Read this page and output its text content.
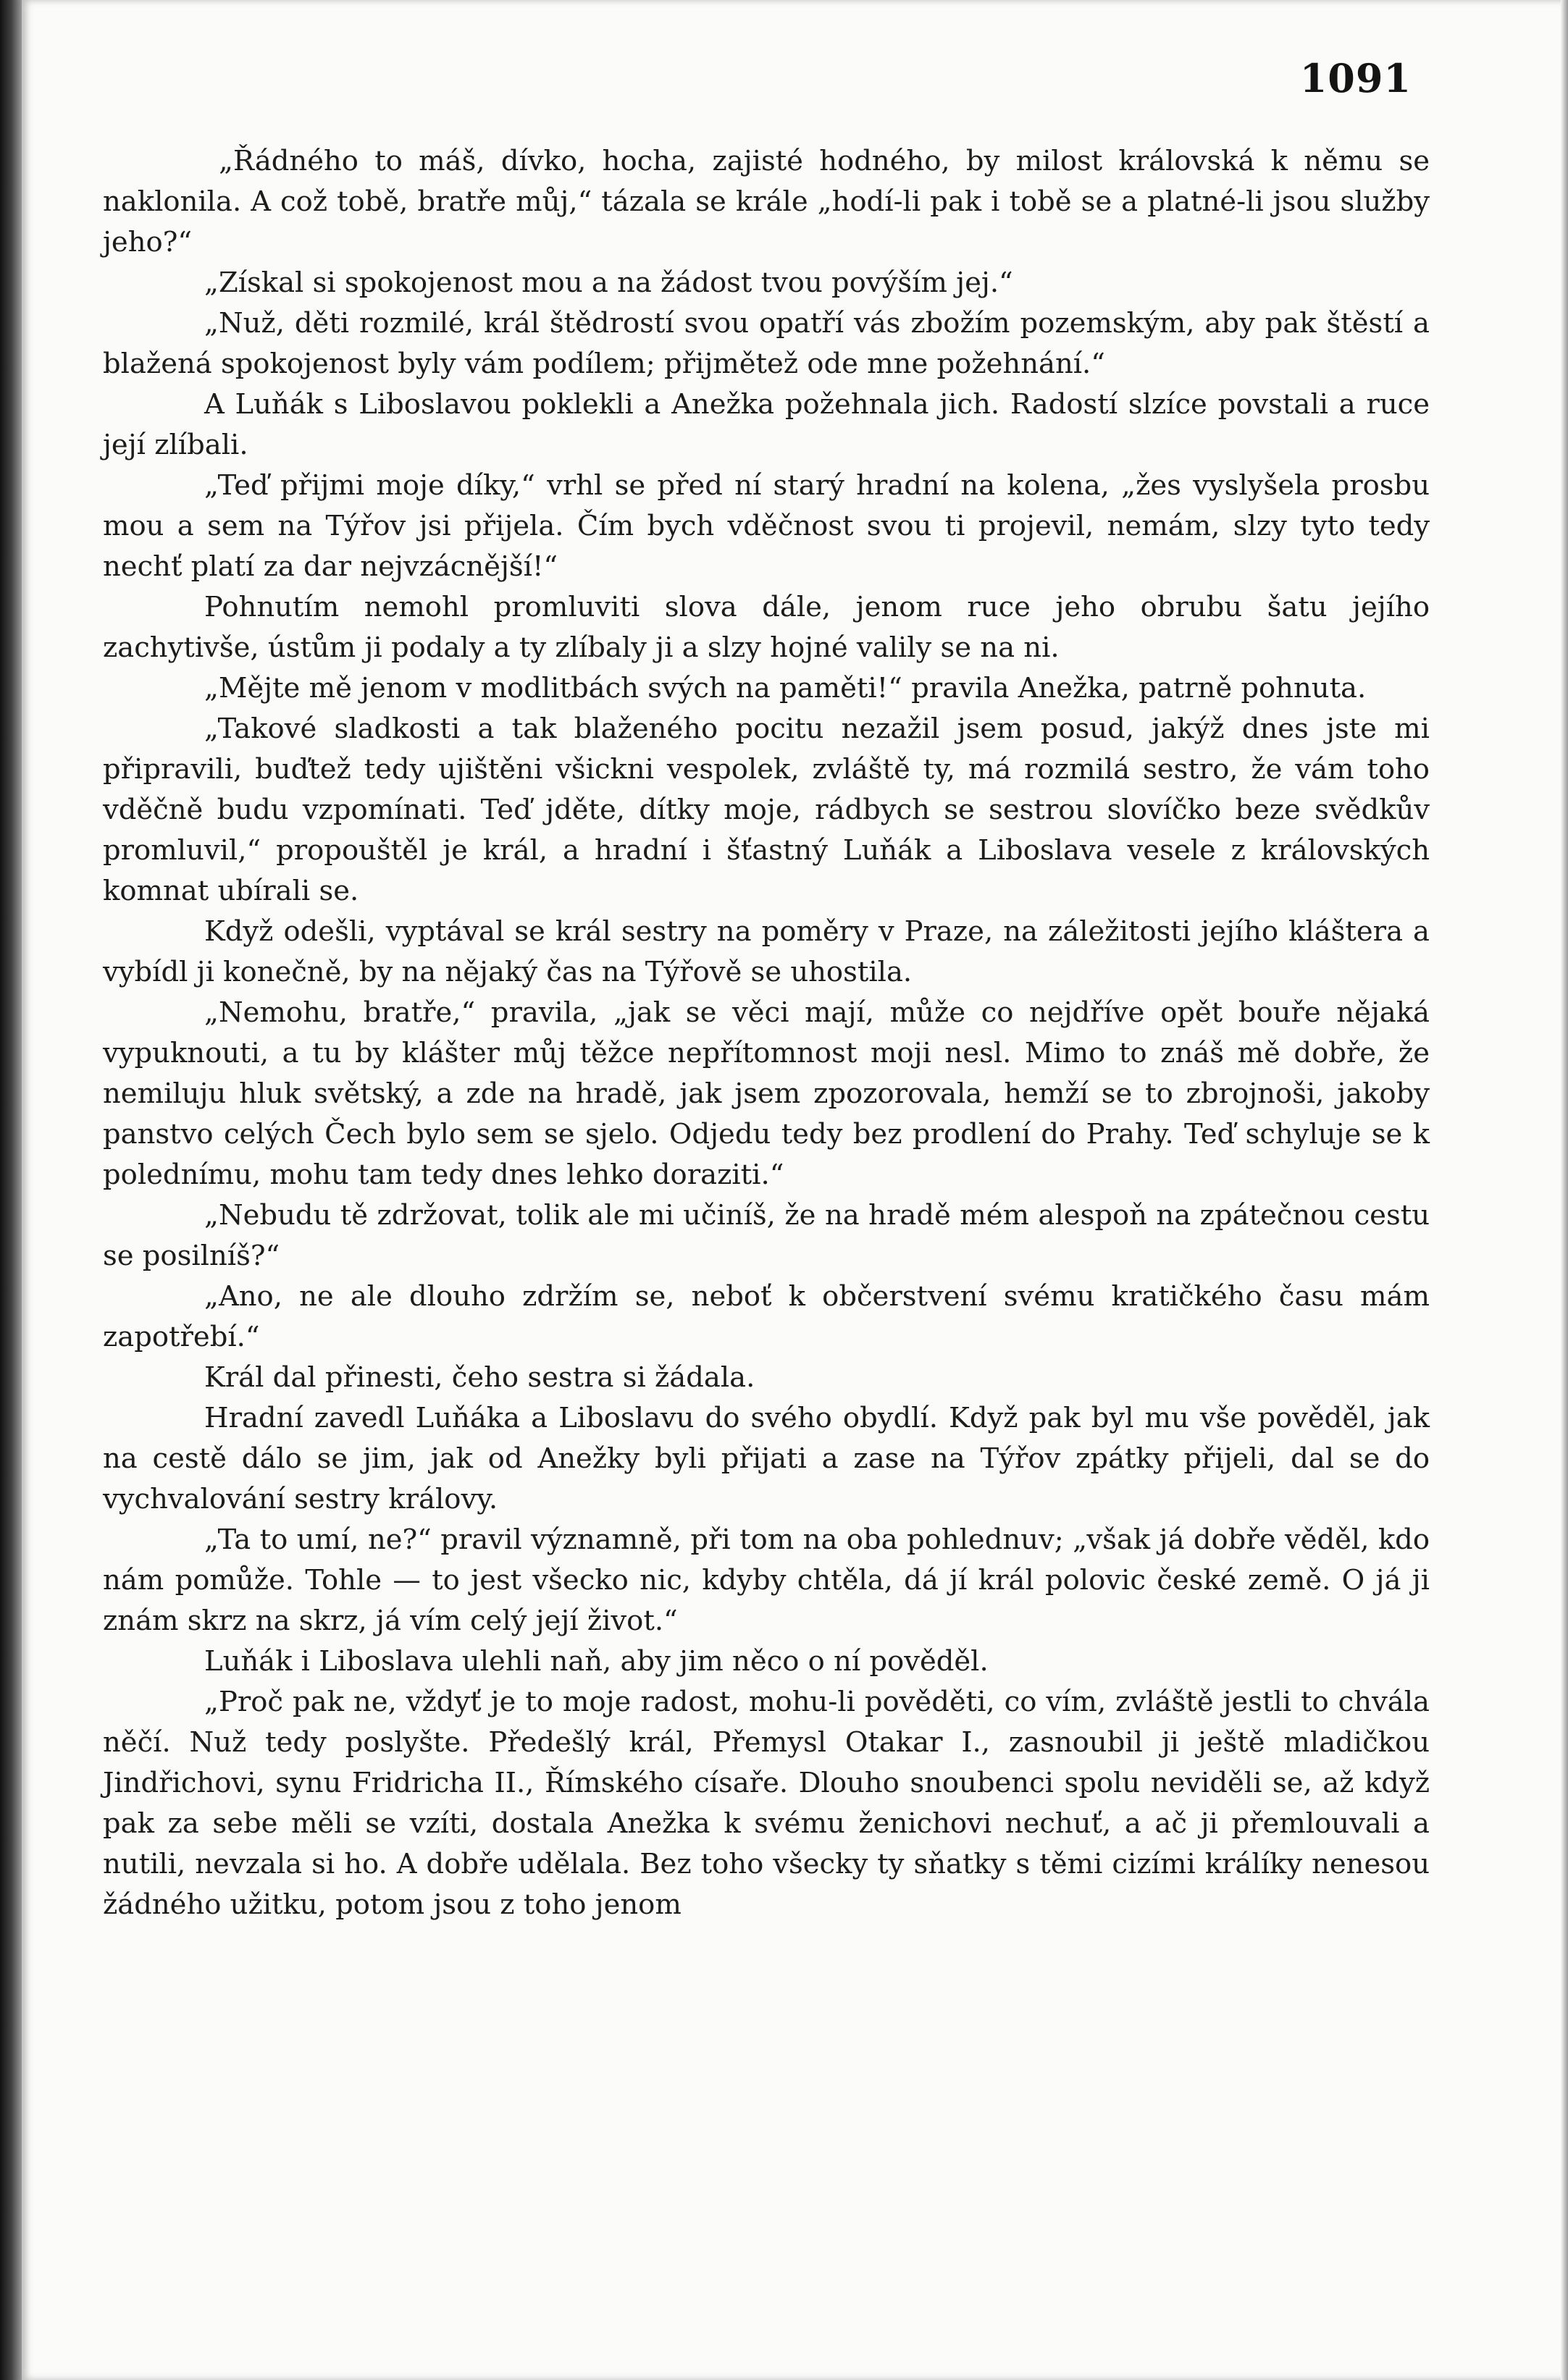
1091

„Řádného to máš, dívko, hocha, zajisté hodného, by milost královská k němu se naklonila. A což tobě, bratře můj,“ tázala se krále „hodí-li pak i tobě se a platné-li jsou služby jeho?“

„Získal si spokojenost mou a na žádost tvou povýším jej.“

„Nuž, děti rozmilé, král štědrostí svou opatří vás zbožím pozemským, aby pak štěstí a blažená spokojenost byly vám podílem; přijmětež ode mne požehnání.“

A Luňák s Liboslavou poklekli a Anežka požehnala jich. Radostí slzíce povstali a ruce její zlíbali.

„Teď přijmi moje díky,“ vrhl se před ní starý hradní na kolena, „žes vyslyšela prosbu mou a sem na Týřov jsi přijela. Čím bych vděčnost svou ti projevil, nemám, slzy tyto tedy nechť platí za dar nejvzácnější!“

Pohnutím nemohl promluviti slova dále, jenom ruce jeho obrubu šatu jejího zachytivše, ústům ji podaly a ty zlíbaly ji a slzy hojné valily se na ni.

„Mějte mě jenom v modlitbách svých na paměti!“ pravila Anežka, patrně pohnuta.

„Takové sladkosti a tak blaženého pocitu nezažil jsem posud, jakýž dnes jste mi připravili, buďtež tedy ujištěni všickni vespolek, zvláště ty, má rozmilá sestro, že vám toho vděčně budu vzpomínati. Teď jděte, dítky moje, rádbych se sestrou slovíčko beze svědkův promluvil,“ propouštěl je král, a hradní i šťastný Luňák a Liboslava vesele z královských komnat ubírali se.

Když odešli, vyptával se král sestry na poměry v Praze, na záležitosti jejího kláštera a vybídl ji konečně, by na nějaký čas na Týřově se uhostila.

„Nemohu, bratře,“ pravila, „jak se věci mají, může co nejdříve opět bouře nějaká vypuknouti, a tu by klášter můj těžce nepřítomnost moji nesl. Mimo to znáš mě dobře, že nemiluju hluk světský, a zde na hradě, jak jsem zpozorovala, hemží se to zbrojnoši, jakoby panstvo celých Čech bylo sem se sjelo. Odjedu tedy bez prodlení do Prahy. Teď schyluje se k polednímu, mohu tam tedy dnes lehko doraziti.“

„Nebudu tě zdržovat, tolik ale mi učiníš, že na hradě mém alespoň na zpátečnou cestu se posilníš?“

„Ano, ne ale dlouho zdržím se, neboť k občerstvení svému kratičkého času mám zapotřebí.“

Král dal přinesti, čeho sestra si žádala.

Hradní zavedl Luňáka a Liboslavu do svého obydlí. Když pak byl mu vše pověděl, jak na cestě dálo se jim, jak od Anežky byli přijati a zase na Týřov zpátky přijeli, dal se do vychvalování sestry královy.

„Ta to umí, ne?“ pravil významně, při tom na oba pohlednuv; „však já dobře věděl, kdo nám pomůže. Tohle — to jest všecko nic, kdyby chtěla, dá jí král polovic české země. O já ji znám skrz na skrz, já vím celý její život.“

Luňák i Liboslava ulehli naň, aby jim něco o ní pověděl.

„Proč pak ne, vždyť je to moje radost, mohu-li pověděti, co vím, zvláště jestli to chvála něčí. Nuž tedy poslyšte. Předešlý král, Přemysl Otakar I., zasnoubil ji ještě mladičkou Jindřichovi, synu Fridricha II., Římského císaře. Dlouho snoubenci spolu neviděli se, až když pak za sebe měli se vzíti, dostala Anežka k svému ženichovi nechuť, a ač ji přemlouvali a nutili, nevzala si ho. A dobře udělala. Bez toho všecky ty sňatky s těmi cizími králíky nenesou žádného užitku, potom jsou z toho jenom
